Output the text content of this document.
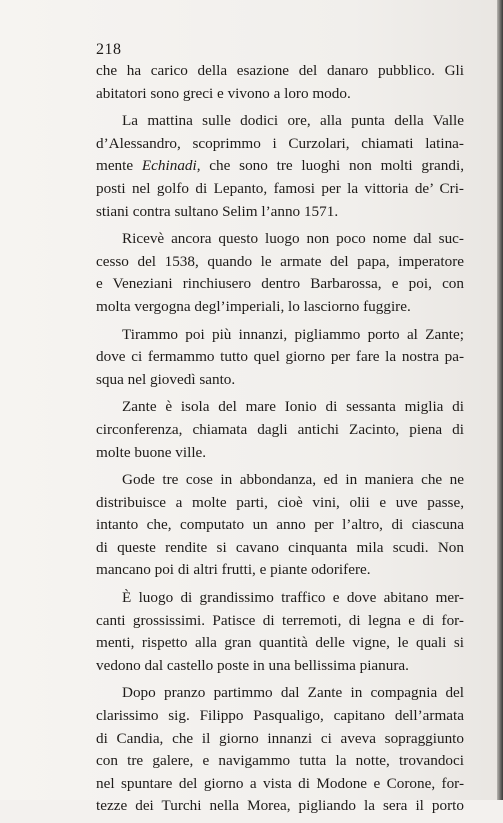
218
che ha carico della esazione del danaro pubblico. Gli
abitatori sono greci e vivono a loro modo.
La mattina sulle dodici ore, alla punta della Valle
d’Alessandro, scoprimmo i Curzolari, chiamati latina-
mente Echinadi, che sono tre luoghi non molti grandi,
posti nel golfo di Lepanto, famosi per la vittoria de’ Cri-
stiani contra sultano Selim l’anno 1571.
Ricevè ancora questo luogo non poco nome dal suc-
cesso del 1538, quando le armate del papa, imperatore
e Veneziani rinchiusero dentro Barbarossa, e poi, con
molta vergogna degl’imperiali, lo lasciorno fuggire.
Tirammo poi più innanzi, pigliammo porto al Zante;
dove ci fermammo tutto quel giorno per fare la nostra pa-
squa nel giovedì santo.
Zante è isola del mare Ionio di sessanta miglia di
circonferenza, chiamata dagli antichi Zacinto, piena di
molte buone ville.
Gode tre cose in abbondanza, ed in maniera che ne
distribuisce a molte parti, cioè vini, olii e uve passe,
intanto che, computato un anno per l’altro, di ciascuna
di queste rendite si cavano cinquanta mila scudi. Non
mancano poi di altri frutti, e piante odorifere.
È luogo di grandissimo traffico e dove abitano mer-
canti grossissimi. Patisce di terremoti, di legna e di for-
menti, rispetto alla gran quantità delle vigne, le quali si
vedono dal castello poste in una bellissima pianura.
Dopo pranzo partimmo dal Zante in compagnia del
clarissimo sig. Filippo Pasqualigo, capitano dell’armata
di Candia, che il giorno innanzi ci aveva sopraggiunto
con tre galere, e navigammo tutta la notte, trovandoci
nel spuntare del giorno a vista di Modone e Corone, for-
tezze dei Turchi nella Morea, pigliando la sera il porto
